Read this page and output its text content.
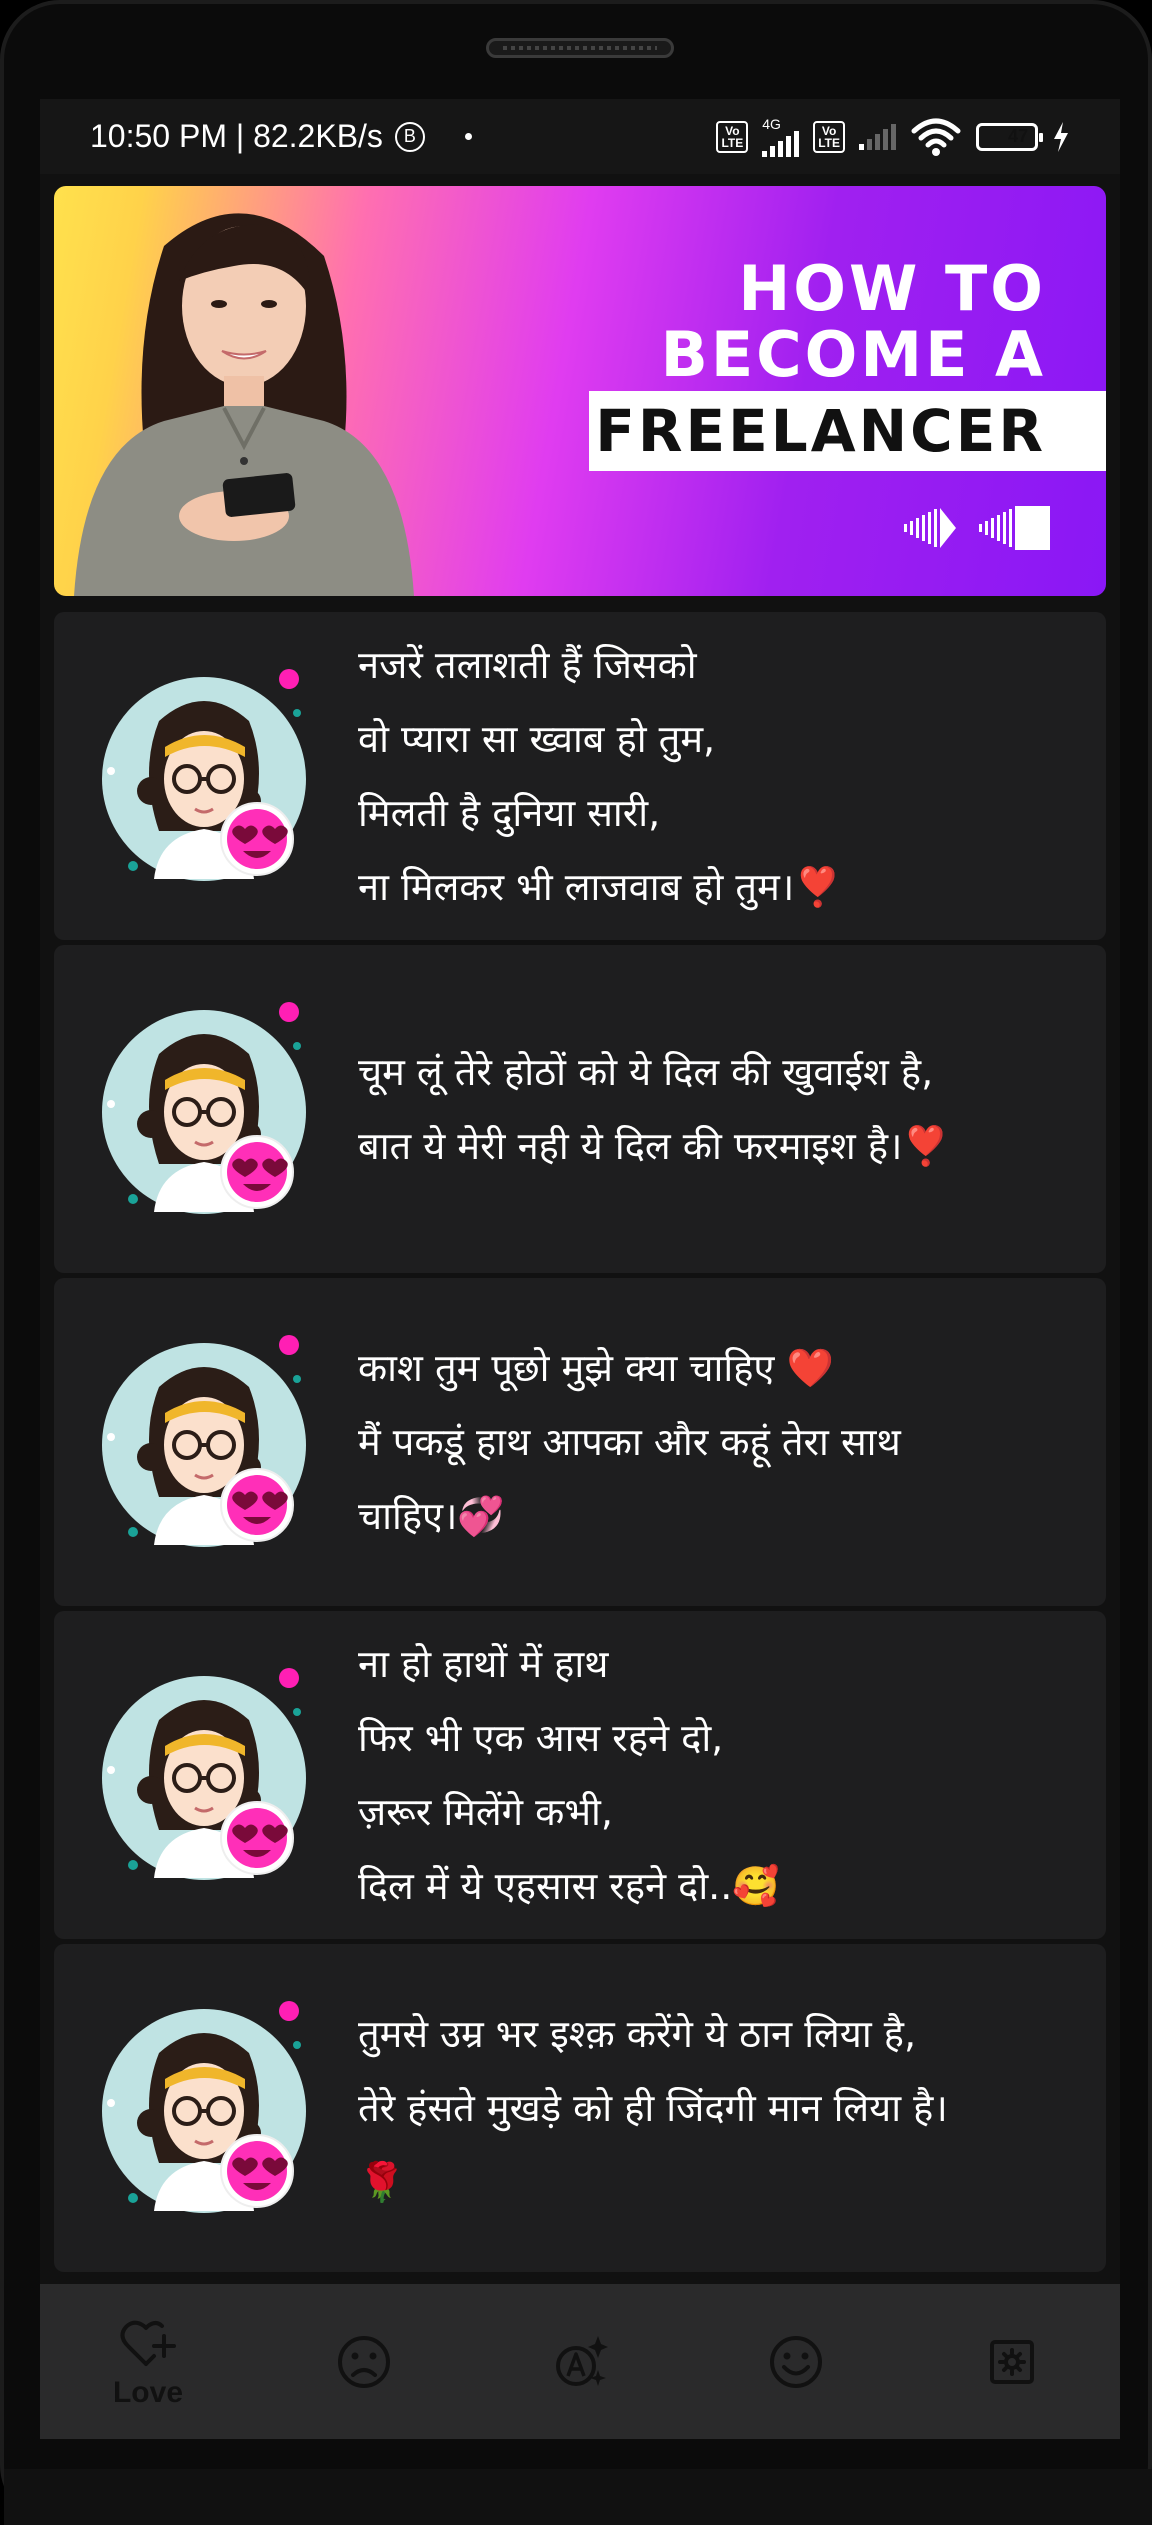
10:50 PM | 82.2KB/s	B	Vo
LTE
4G	Vo
LTE	47
HOW TO
BECOME A
FREELANCER
नजरें तलाशती हैं जिसको
वो प्यारा सा ख्वाब हो तुम,
मिलती है दुनिया सारी,
ना मिलकर भी लाजवाब हो तुम।❣️
चूम लूं तेरे होठों को ये दिल की खुवाईश है,
बात ये मेरी नही ये दिल की फरमाइश है।❣️
काश तुम पूछो मुझे क्या चाहिए ❤️
मैं पकडूं हाथ आपका और कहूं तेरा साथ
चाहिए।💞
ना हो हाथों में हाथ
फिर भी एक आस रहने दो,
ज़रूर मिलेंगे कभी,
दिल में ये एहसास रहने दो..🥰
तुमसे उम्र भर इश्क़ करेंगे ये ठान लिया है,
तेरे हंसते मुखड़े को ही जिंदगी मान लिया है।
🌹
Love
